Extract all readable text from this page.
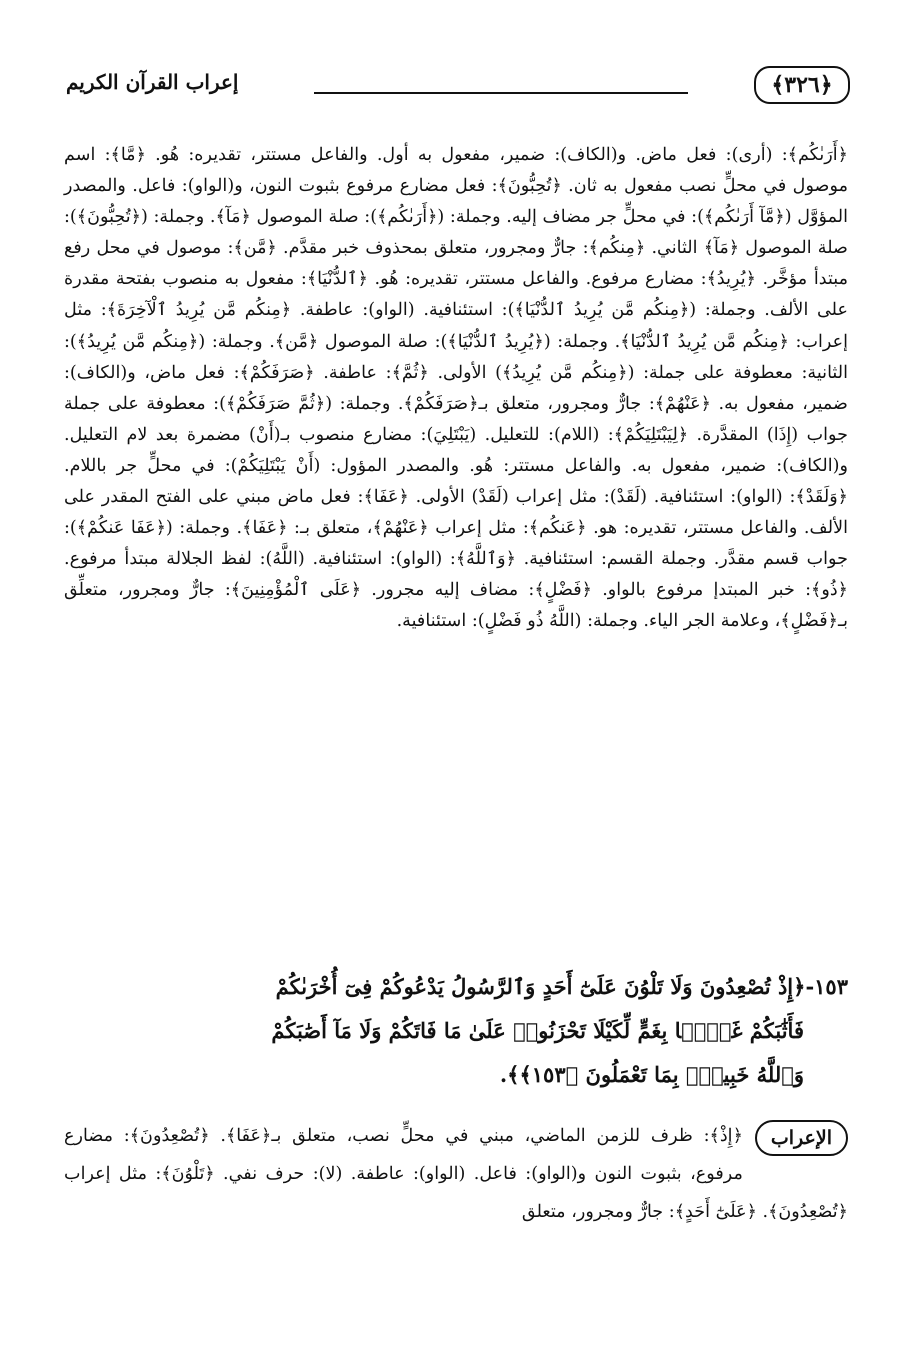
﴿٣٢٦﴾
إعراب القرآن الكريم

﴿أَرَىٰكُم﴾: (أرى): فعل ماض. و(الكاف): ضمير، مفعول به أول. والفاعل مستتر، تقديره: هُو. ﴿مَّا﴾: اسم موصول في محلٍّ نصب مفعول به ثان. ﴿تُحِبُّونَ﴾: فعل مضارع مرفوع بثبوت النون، و(الواو): فاعل. والمصدر المؤوَّل (﴿مَّآ أَرَىٰكُم﴾): في محلٍّ جر مضاف إليه. وجملة: (﴿أَرَىٰكُم﴾): صلة الموصول ﴿مَآ﴾. وجملة: (﴿تُحِبُّونَ﴾): صلة الموصول ﴿مَآ﴾ الثاني. ﴿مِنكُم﴾: جارٌّ ومجرور، متعلق بمحذوف خبر مقدَّم. ﴿مَّن﴾: موصول في محل رفع مبتدأ مؤخَّر. ﴿يُرِيدُ﴾: مضارع مرفوع. والفاعل مستتر، تقديره: هُو. ﴿ٱلدُّنْيَا﴾: مفعول به منصوب بفتحة مقدرة على الألف. وجملة: (﴿مِنكُم مَّن يُرِيدُ ٱلدُّنْيَا﴾): استئنافية. (الواو): عاطفة. ﴿مِنكُم مَّن يُرِيدُ ٱلْآخِرَةَ﴾: مثل إعراب: ﴿مِنكُم مَّن يُرِيدُ ٱلدُّنْيَا﴾. وجملة: (﴿يُرِيدُ ٱلدُّنْيَا﴾): صلة الموصول ﴿مَّن﴾. وجملة: (﴿مِنكُم مَّن يُرِيدُ﴾): الثانية: معطوفة على جملة: (﴿مِنكُم مَّن يُرِيدُ﴾) الأولى. ﴿ثُمَّ﴾: عاطفة. ﴿صَرَفَكُمْ﴾: فعل ماض، و(الكاف): ضمير، مفعول به. ﴿عَنْهُمْ﴾: جارٌّ ومجرور، متعلق بـ﴿صَرَفَكُمْ﴾. وجملة: (﴿ثُمَّ صَرَفَكُمْ﴾): معطوفة على جملة جواب (إِذَا) المقدَّرة. ﴿لِيَبْتَلِيَكُمْ﴾: (اللام): للتعليل. (يَبْتَلِيَ): مضارع منصوب بـ(أَنْ) مضمرة بعد لام التعليل. و(الكاف): ضمير، مفعول به. والفاعل مستتر: هُو. والمصدر المؤول: (أَنْ يَبْتَلِيَكُمْ): في محلٍّ جر باللام. ﴿وَلَقَدْ﴾: (الواو): استئنافية. (لَقَدْ): مثل إعراب (لَقَدْ) الأولى. ﴿عَفَا﴾: فعل ماض مبني على الفتح المقدر على الألف. والفاعل مستتر، تقديره: هو. ﴿عَنكُم﴾: مثل إعراب ﴿عَنْهُمْ﴾، متعلق بـ: ﴿عَفَا﴾. وجملة: (﴿عَفَا عَنكُمْ﴾): جواب قسم مقدَّر. وجملة القسم: استئنافية. ﴿وَٱللَّهُ﴾: (الواو): استئنافية. (اللَّهُ): لفظ الجلالة مبتدأ مرفوع. ﴿ذُو﴾: خبر المبتدإ مرفوع بالواو. ﴿فَضْلٍ﴾: مضاف إليه مجرور. ﴿عَلَى ٱلْمُؤْمِنِينَ﴾: جارٌّ ومجرور، متعلِّق بـ﴿فَضْلٍ﴾، وعلامة الجر الياء. وجملة: (اللَّهُ ذُو فَضْلٍ): استئنافية.

١٥٣-﴿إِذْ تُصْعِدُونَ وَلَا تَلْوُنَ عَلَىٰٓ أَحَدٍ وَٱلرَّسُولُ يَدْعُوكُمْ فِىٓ أُخْرَىٰكُمْ
فَأَثَٰبَكُمْ غَمًّۢا بِغَمٍّ لِّكَيْلَا تَحْزَنُوا۟ عَلَىٰ مَا فَاتَكُمْ وَلَا مَآ أَصَٰبَكُمْ
وَٱللَّهُ خَبِيرٌۢ بِمَا تَعْمَلُونَ ﴿١٥٣﴾﴾.
الإعراب

﴿إِذْ﴾: ظرف للزمن الماضي، مبني في محلٍّ نصب، متعلق بـ﴿عَفَا﴾. ﴿تُصْعِدُونَ﴾: مضارع مرفوع، بثبوت النون و(الواو): فاعل. (الواو): عاطفة. (لا): حرف نفي. ﴿تَلْوُنَ﴾: مثل إعراب ﴿تُصْعِدُونَ﴾. ﴿عَلَىٰٓ أَحَدٍ﴾: جارٌّ ومجرور، متعلق
